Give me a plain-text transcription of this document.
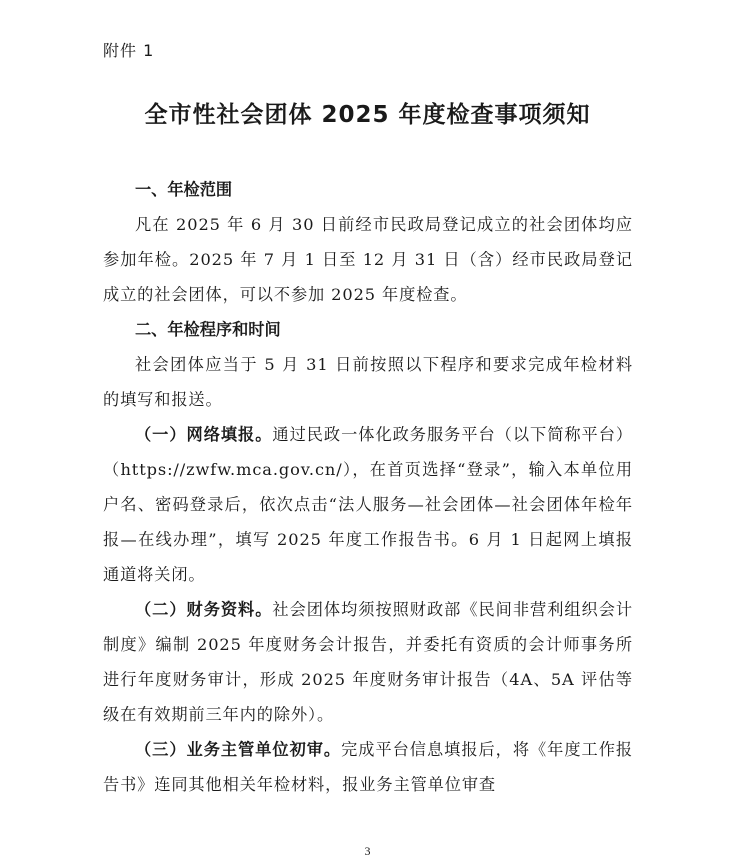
附件 1
全市性社会团体 2025 年度检查事项须知
一、年检范围
凡在 2025 年 6 月 30 日前经市民政局登记成立的社会团体均应参加年检。2025 年 7 月 1 日至 12 月 31 日（含）经市民政局登记成立的社会团体，可以不参加 2025 年度检查。
二、年检程序和时间
社会团体应当于 5 月 31 日前按照以下程序和要求完成年检材料的填写和报送。
（一）网络填报。通过民政一体化政务服务平台（以下简称平台）（https://zwfw.mca.gov.cn/），在首页选择“登录”，输入本单位用户名、密码登录后，依次点击“法人服务—社会团体—社会团体年检年报—在线办理”，填写 2025 年度工作报告书。6 月 1 日起网上填报通道将关闭。
（二）财务资料。社会团体均须按照财政部《民间非营利组织会计制度》编制 2025 年度财务会计报告，并委托有资质的会计师事务所进行年度财务审计，形成 2025 年度财务审计报告（4A、5A 评估等级在有效期前三年内的除外）。
（三）业务主管单位初审。完成平台信息填报后，将《年度工作报告书》连同其他相关年检材料，报业务主管单位审查
3
